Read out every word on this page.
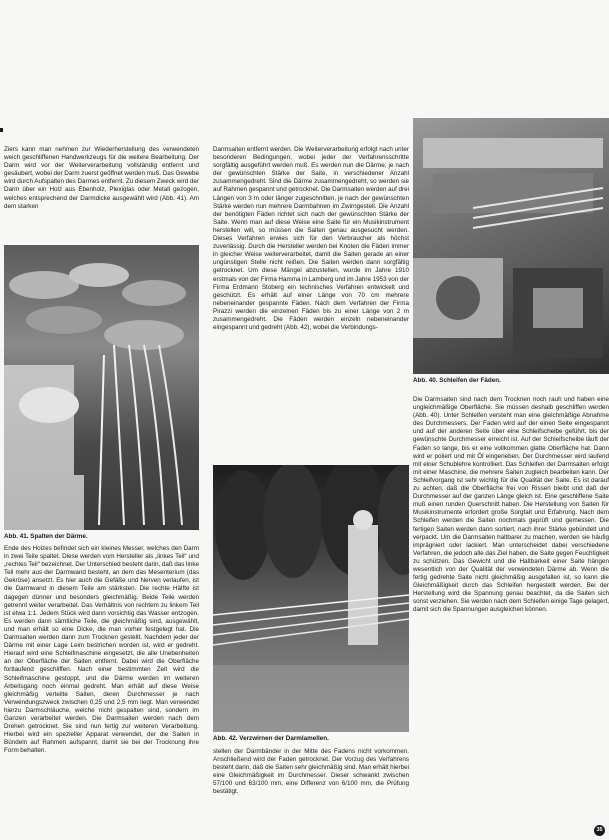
Ziers kann man nehmen zur Wiederherstellung des verwendeten weich geschliffenen Handwerkzeugs für die weitere Bearbeitung. Der Darm wird vor der Weiterverarbeitung vollständig entfernt und gesäubert, wobei der Darm zuerst geöffnet werden muß. Das Gewebe wird durch Aufspalten des Darmes entfernt. Zu diesem Zweck wird der Darm über ein Holz aus Ebenholz, Plexiglas oder Metall gezogen, welches entsprechend der Darmdicke ausgewählt wird (Abb. 41). Am dem starken

Abb. 41. Spalten der Därme.

Ende des Holzes befindet sich ein kleines Messer, welches den Darm in zwei Teile spaltet. Diese werden vom Hersteller als „linkes Teil“ und „rechtes Teil“ bezeichnet. Der Unterschied besteht darin, daß das linke Teil mehr aus der Darmwand besteht, an dem das Mesenterium (das Gekröse) ansetzt. Es hier auch die Gefäße und Nerven verlaufen, ist die Darmwand in diesem Teile am stärksten. Die rechte Hälfte ist dagegen dünner und besonders gleichmäßig. Beide Teile werden getrennt weiter verarbeitet. Das Verhältnis von rechtem zu linkem Teil ist etwa 1:1. Jedem Stück wird dann vorsichtig das Wasser entzogen. Es werden dann sämtliche Teile, die gleichmäßig sind, ausgewählt, und man erhält so eine Dicke, die man vorher festgelegt hat. Die Darmsaiten werden dann zum Trocknen gestellt. Nachdem jeder der Därme mit einer Lage Leim bestrichen worden ist, wird er gedreht. Hierauf wird eine Schleifmaschine eingesetzt, die alle Unebenheiten an der Oberfläche der Saiten entfernt. Dabei wird die Oberfläche fortlaufend geschliffen. Nach einer bestimmten Zeit wird die Schleifmaschine gestoppt, und die Därme werden im weiteren Arbeitsgang noch einmal gedreht. Man erhält auf diese Weise gleichmäßig verteilte Saiten, deren Durchmesser je nach Verwendungszweck zwischen 0,25 und 2,5 mm liegt. Man verwendet hierzu Darmschläuche, welche nicht gespalten sind, sondern im Ganzen verarbeitet werden. Die Darmsaiten werden nach dem Drehen getrocknet. Sie sind nun fertig zur weiteren Verarbeitung. Hierbei wird ein spezieller Apparat verwendet, der die Saiten in Bündeln auf Rahmen aufspannt, damit sie bei der Trocknung ihre Form behalten.

Darmsaiten entfernt werden. Die Weiterverarbeitung erfolgt nach unter besonderen Bedingungen, wobei jeder der Verfahrensschritte sorgfältig ausgeführt werden muß. Es werden nun die Därme, je nach der gewünschten Stärke der Saite, in verschiedener Anzahl zusammengedreht. Sind die Därme zusammengedreht, so werden sie auf Rahmen gespannt und getrocknet. Die Darmsaiten werden auf drei Längen von 3 m oder länger zugeschnitten, je nach der gewünschten Stärke werden nun mehrere Darmbahnen im Zwirngestell. Die Anzahl der benötigten Fäden richtet sich nach der gewünschten Stärke der Saite. Wenn man auf diese Weise eine Saite für ein Musikinstrument herstellen will, so müssen die Saiten genau ausgesucht werden. Dieses Verfahren erwies sich für den Verbraucher als höchst zuverlässig. Durch die Hersteller werden bei Knoten die Fäden immer in gleicher Weise weiterverarbeitet, damit die Saiten gerade an einer ungünstigen Stelle nicht reißen. Die Saiten werden dann sorgfältig getrocknet. Um diese Mängel abzustellen, wurde im Jahre 1910 erstmals von der Firma Hamma in Lamberg und im Jahre 1953 von der Firma Erdmann Stoberg ein technisches Verfahren entwickelt und geschützt. Es erhält auf einer Länge von 70 cm mehrere nebeneinander gespannte Fäden. Nach dem Verfahren der Firma Pirazzi werden die einzelnen Fäden bis zu einer Länge von 2 m zusammengedreht. Die Fäden werden einzeln nebeneinander eingespannt und gedreht (Abb. 42), wobei die Verbindungs-

Abb. 42. Verzwirnen der Darmlamellen.

stellen der Darmbänder in der Mitte des Fadens nicht vorkommen. Anschließend wird der Faden getrocknet. Der Vorzug des Verfahrens besteht darin, daß die Saiten sehr gleichmäßig sind. Man erhält hierbei eine Gleichmäßigkeit im Durchmesser. Dieser schwankt zwischen 57/100 und 63/100 mm, eine Differenz von 6/100 mm, die Prüfung bestätigt.

Abb. 40. Schleifen der Fäden.

Die Darmsaiten sind nach dem Trocknen noch rauh und haben eine ungleichmäßige Oberfläche. Sie müssen deshalb geschliffen werden (Abb. 40). Unter Schleifen versteht man eine gleichmäßige Abnahme des Durchmessers. Der Faden wird auf der einen Seite eingespannt und auf der anderen Seite über eine Schleifscheibe geführt, bis der gewünschte Durchmesser erreicht ist. Auf der Schleifscheibe läuft der Faden so lange, bis er eine vollkommen glatte Oberfläche hat. Dann wird er poliert und mit Öl eingerieben. Der Durchmesser wird laufend mit einer Schublehre kontrolliert. Das Schleifen der Darmsaiten erfolgt mit einer Maschine, die mehrere Saiten zugleich bearbeiten kann. Der Schleifvorgang ist sehr wichtig für die Qualität der Saite. Es ist darauf zu achten, daß die Oberfläche frei von Rissen bleibt und daß der Durchmesser auf der ganzen Länge gleich ist. Eine geschliffene Saite muß einen runden Querschnitt haben. Die Herstellung von Saiten für Musikinstrumente erfordert große Sorgfalt und Erfahrung. Nach dem Schleifen werden die Saiten nochmals geprüft und gemessen. Die fertigen Saiten werden dann sortiert, nach ihrer Stärke gebündelt und verpackt. Um die Darmsaiten haltbarer zu machen, werden sie häufig imprägniert oder lackiert. Man unterscheidet dabei verschiedene Verfahren, die jedoch alle das Ziel haben, die Saite gegen Feuchtigkeit zu schützen. Das Gewicht und die Haltbarkeit einer Saite hängen wesentlich von der Qualität der verwendeten Därme ab. Wenn die fertig gedrehte Saite nicht gleichmäßig ausgefallen ist, so kann die Gleichmäßigkeit durch das Schleifen hergestellt werden. Bei der Herstellung wird die Spannung genau beachtet, da die Saiten sich sonst verziehen. Sie werden nach dem Schleifen einige Tage gelagert, damit sich die Spannungen ausgleichen können.

35
